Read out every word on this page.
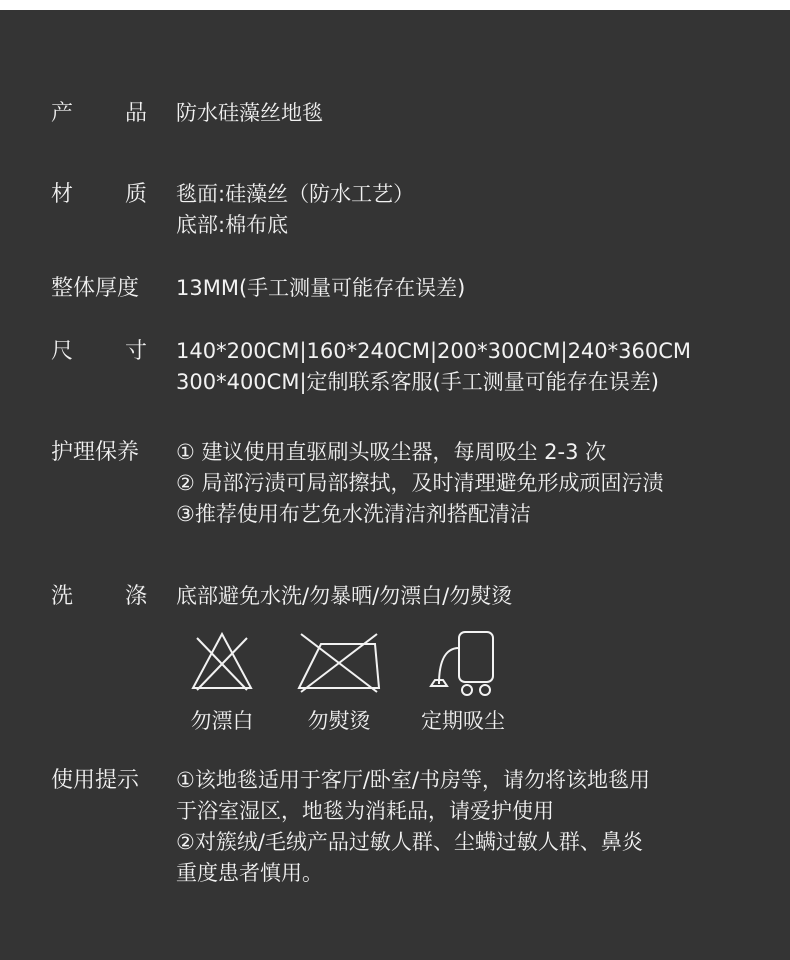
产 品 防水硅藻丝地毯
材 质 毯面:硅藻丝（防水工艺）
底部:棉布底
整体厚度	13MM(手工测量可能存在误差)
尺 寸 140*200CM|160*240CM|200*300CM|240*360CM
300*400CM|定制联系客服(手工测量可能存在误差)
护理保养	① 建议使用直驱刷头吸尘器，每周吸尘 2-3 次
② 局部污渍可局部擦拭，及时清理避免形成顽固污渍
③推荐使用布艺免水洗清洁剂搭配清洁
洗 涤 底部避免水洗/勿暴晒/勿漂白/勿熨烫
勿漂白	勿熨烫	定期吸尘
使用提示	①该地毯适用于客厅/卧室/书房等，请勿将该地毯用
于浴室湿区，地毯为消耗品，请爱护使用
②对簇绒/毛绒产品过敏人群、尘螨过敏人群、鼻炎
重度患者慎用。
